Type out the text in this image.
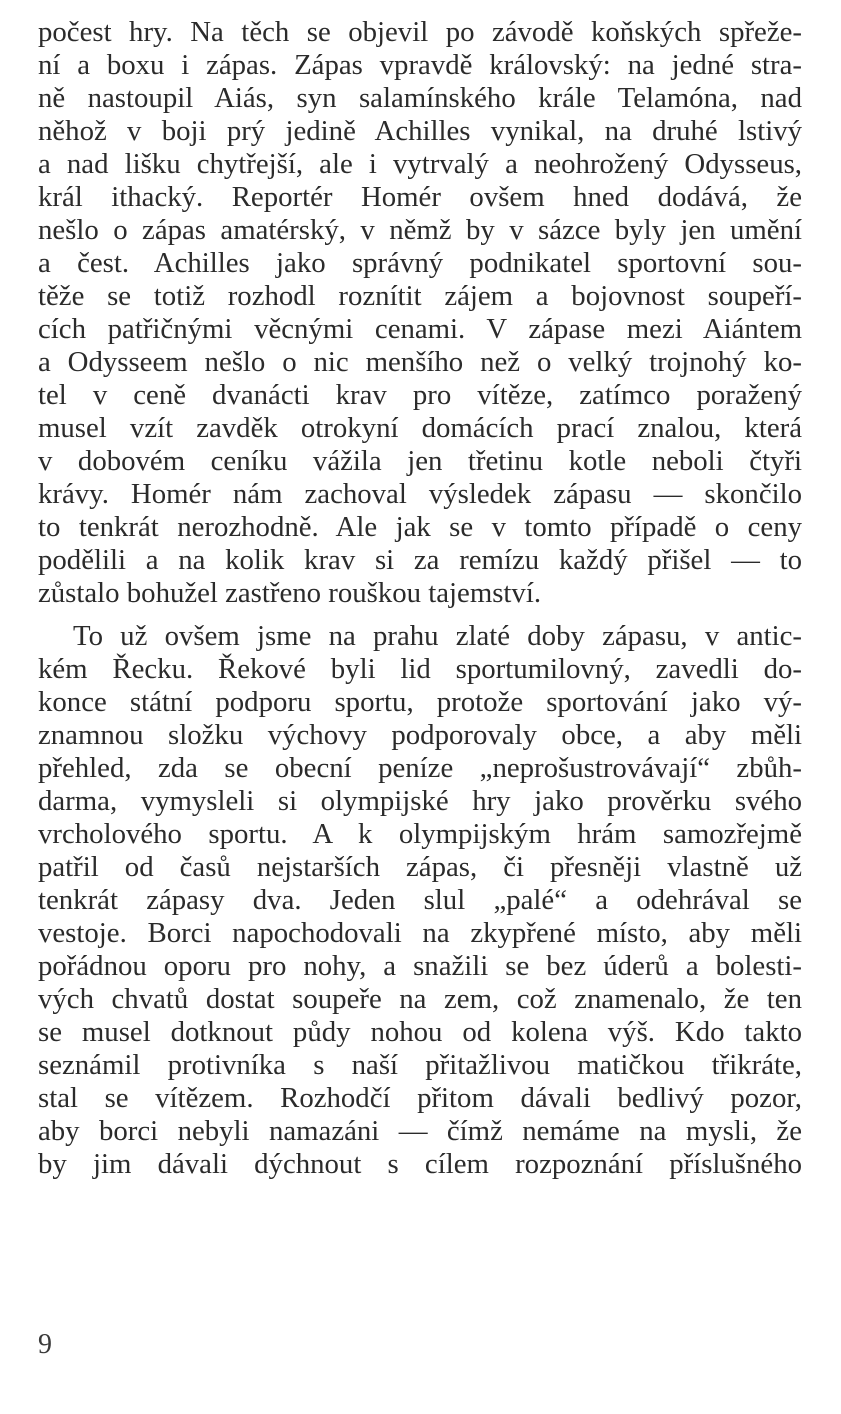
počest hry. Na těch se objevil po závodě koňských spřeže-
ní a boxu i zápas. Zápas vpravdě královský: na jedné stra-
ně nastoupil Aiás, syn salamínského krále Telamóna, nad
něhož v boji prý jedině Achilles vynikal, na druhé lstivý
a nad lišku chytřejší, ale i vytrvalý a neohrožený Odysseus,
král ithacký. Reportér Homér ovšem hned dodává, že
nešlo o zápas amatérský, v němž by v sázce byly jen umění
a čest. Achilles jako správný podnikatel sportovní sou-
těže se totiž rozhodl roznítit zájem a bojovnost soupeří-
cích patřičnými věcnými cenami. V zápase mezi Aiántem
a Odysseem nešlo o nic menšího než o velký trojnohý ko-
tel v ceně dvanácti krav pro vítěze, zatímco poražený
musel vzít zavděk otrokyní domácích prací znalou, která
v dobovém ceníku vážila jen třetinu kotle neboli čtyři
krávy. Homér nám zachoval výsledek zápasu — skončilo
to tenkrát nerozhodně. Ale jak se v tomto případě o ceny
podělili a na kolik krav si za remízu každý přišel — to
zůstalo bohužel zastřeno rouškou tajemství.
To už ovšem jsme na prahu zlaté doby zápasu, v antic-
kém Řecku. Řekové byli lid sportumilovný, zavedli do-
konce státní podporu sportu, protože sportování jako vý-
znamnou složku výchovy podporovaly obce, a aby měli
přehled, zda se obecní peníze „neprošustrovávají“ zbůh-
darma, vymysleli si olympijské hry jako prověrku svého
vrcholového sportu. A k olympijským hrám samozřejmě
patřil od časů nejstarších zápas, či přesněji vlastně už
tenkrát zápasy dva. Jeden slul „palé“ a odehrával se
vestoje. Borci napochodovali na zkypřené místo, aby měli
pořádnou oporu pro nohy, a snažili se bez úderů a bolesti-
vých chvatů dostat soupeře na zem, což znamenalo, že ten
se musel dotknout půdy nohou od kolena výš. Kdo takto
seznámil protivníka s naší přitažlivou matičkou třikráte,
stal se vítězem. Rozhodčí přitom dávali bedlivý pozor,
aby borci nebyli namazáni — čímž nemáme na mysli, že
by jim dávali dýchnout s cílem rozpoznání příslušného
9
